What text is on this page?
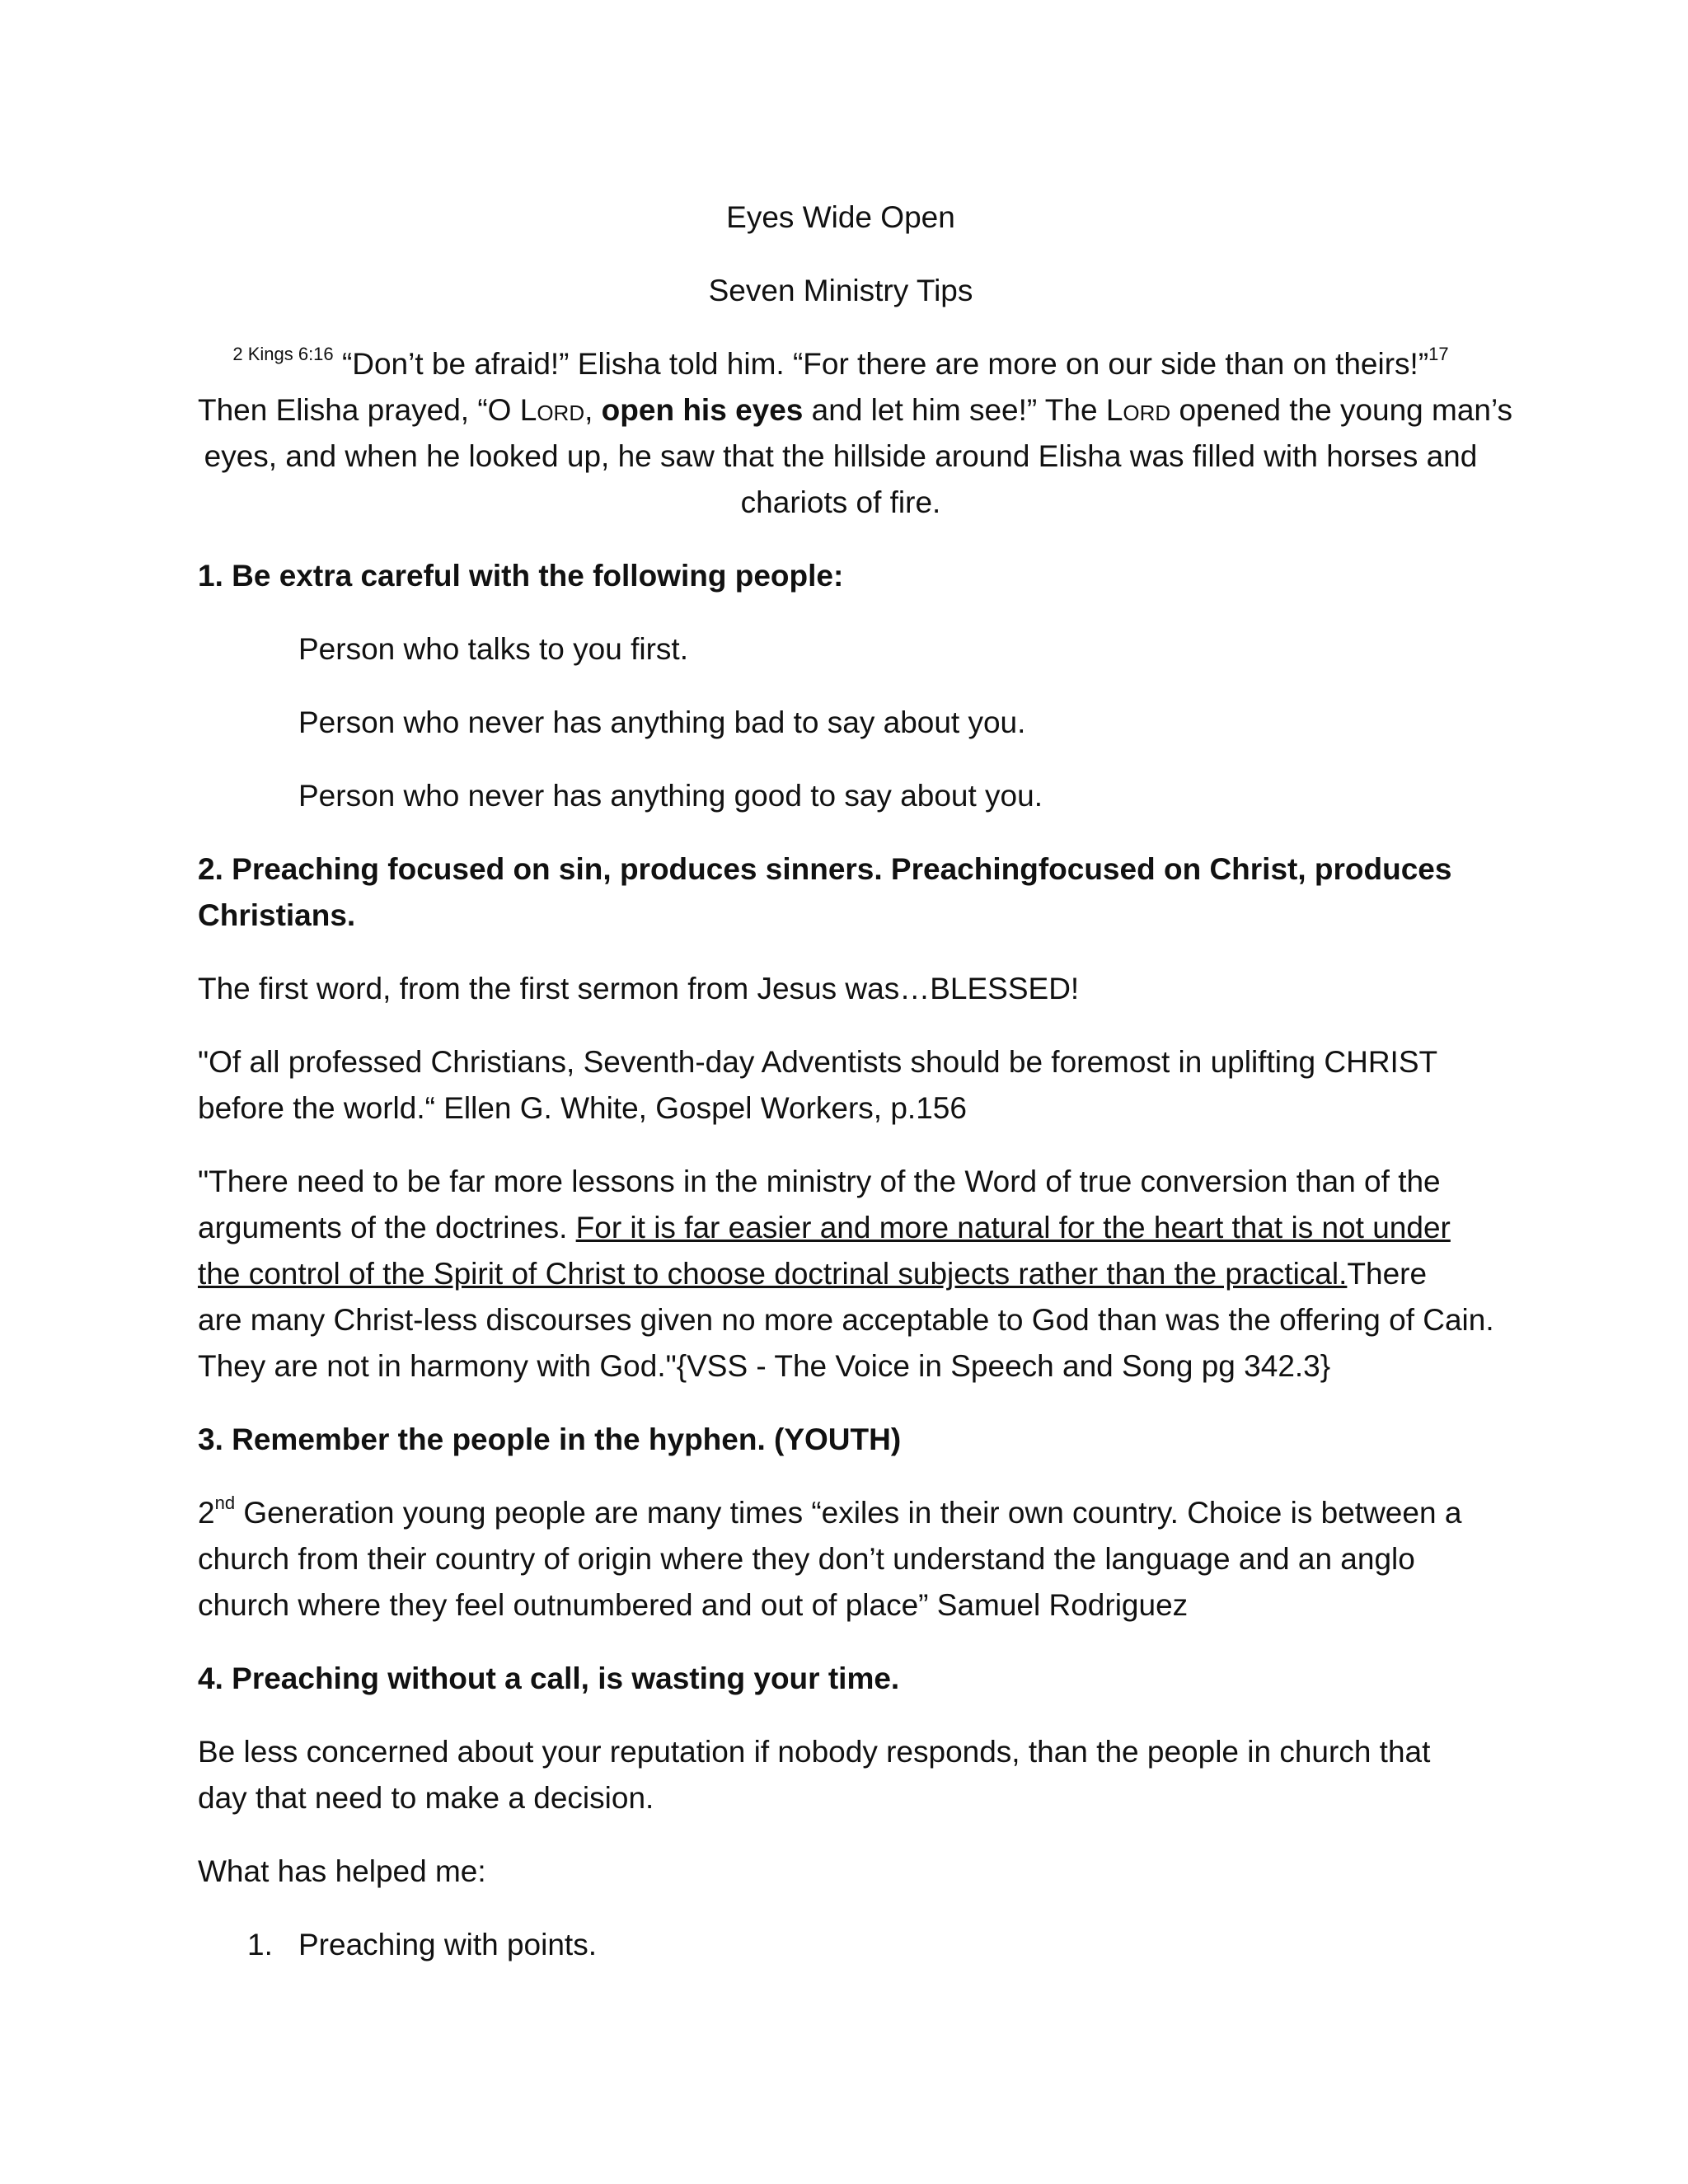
Eyes Wide Open
Seven Ministry Tips
$^{2 Kings 6:16}$ “Don’t be afraid!” Elisha told him. “For there are more on our side than on theirs!”$^{17}$
Then Elisha prayed, “O Lord, open his eyes and let him see!” The Lord opened the young man’s
eyes, and when he looked up, he saw that the hillside around Elisha was filled with horses and
chariots of fire.
1. Be extra careful with the following people:
Person who talks to you first.
Person who never has anything bad to say about you.
Person who never has anything good to say about you.
2. Preaching focused on sin, produces sinners. Preachingfocused on Christ, produces
Christians.
The first word, from the first sermon from Jesus was…BLESSED!
"Of all professed Christians, Seventh-day Adventists should be foremost in uplifting CHRIST
before the world.“ Ellen G. White, Gospel Workers, p.156
"There need to be far more lessons in the ministry of the Word of true conversion than of the
arguments of the doctrines. For it is far easier and more natural for the heart that is not under
the control of the Spirit of Christ to choose doctrinal subjects rather than the practical.There
are many Christ-less discourses given no more acceptable to God than was the offering of Cain.
They are not in harmony with God."{VSS - The Voice in Speech and Song pg 342.3}
3. Remember the people in the hyphen. (YOUTH)
2nd Generation young people are many times “exiles in their own country. Choice is between a
church from their country of origin where they don’t understand the language and an anglo
church where they feel outnumbered and out of place” Samuel Rodriguez
4. Preaching without a call, is wasting your time.
Be less concerned about your reputation if nobody responds, than the people in church that
day that need to make a decision.
What has helped me:
1. Preaching with points.
